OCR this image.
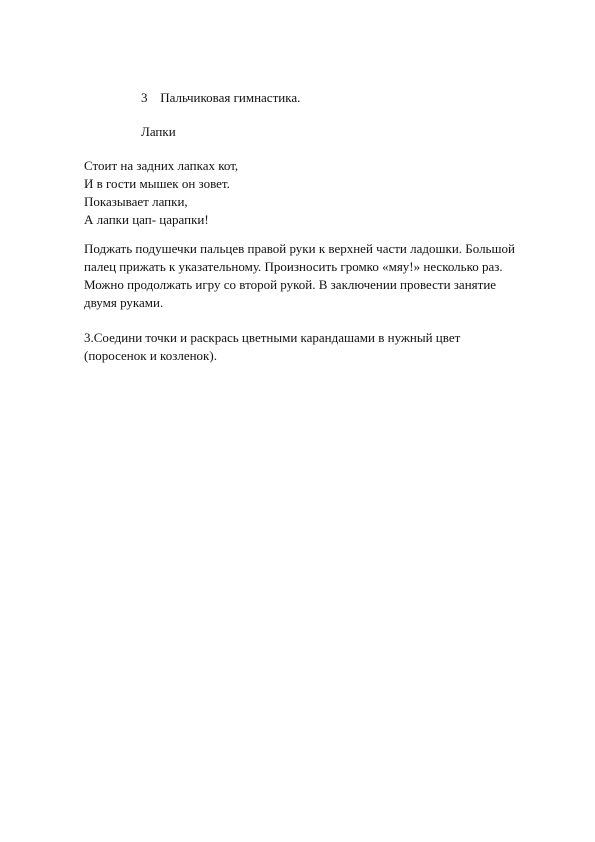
3 Пальчиковая гимнастика.
Лапки
Стоит на задних лапках кот,
И в гости мышек он зовет.
Показывает лапки,
А лапки цап- царапки!
Поджать подушечки пальцев правой руки к верхней части ладошки. Большой
палец прижать к указательному. Произносить громко «мяу!» несколько раз.
Можно продолжать игру со второй рукой. В заключении провести занятие
двумя руками.
3.Соедини точки и раскрась цветными карандашами в нужный цвет
(поросенок и козленок).
